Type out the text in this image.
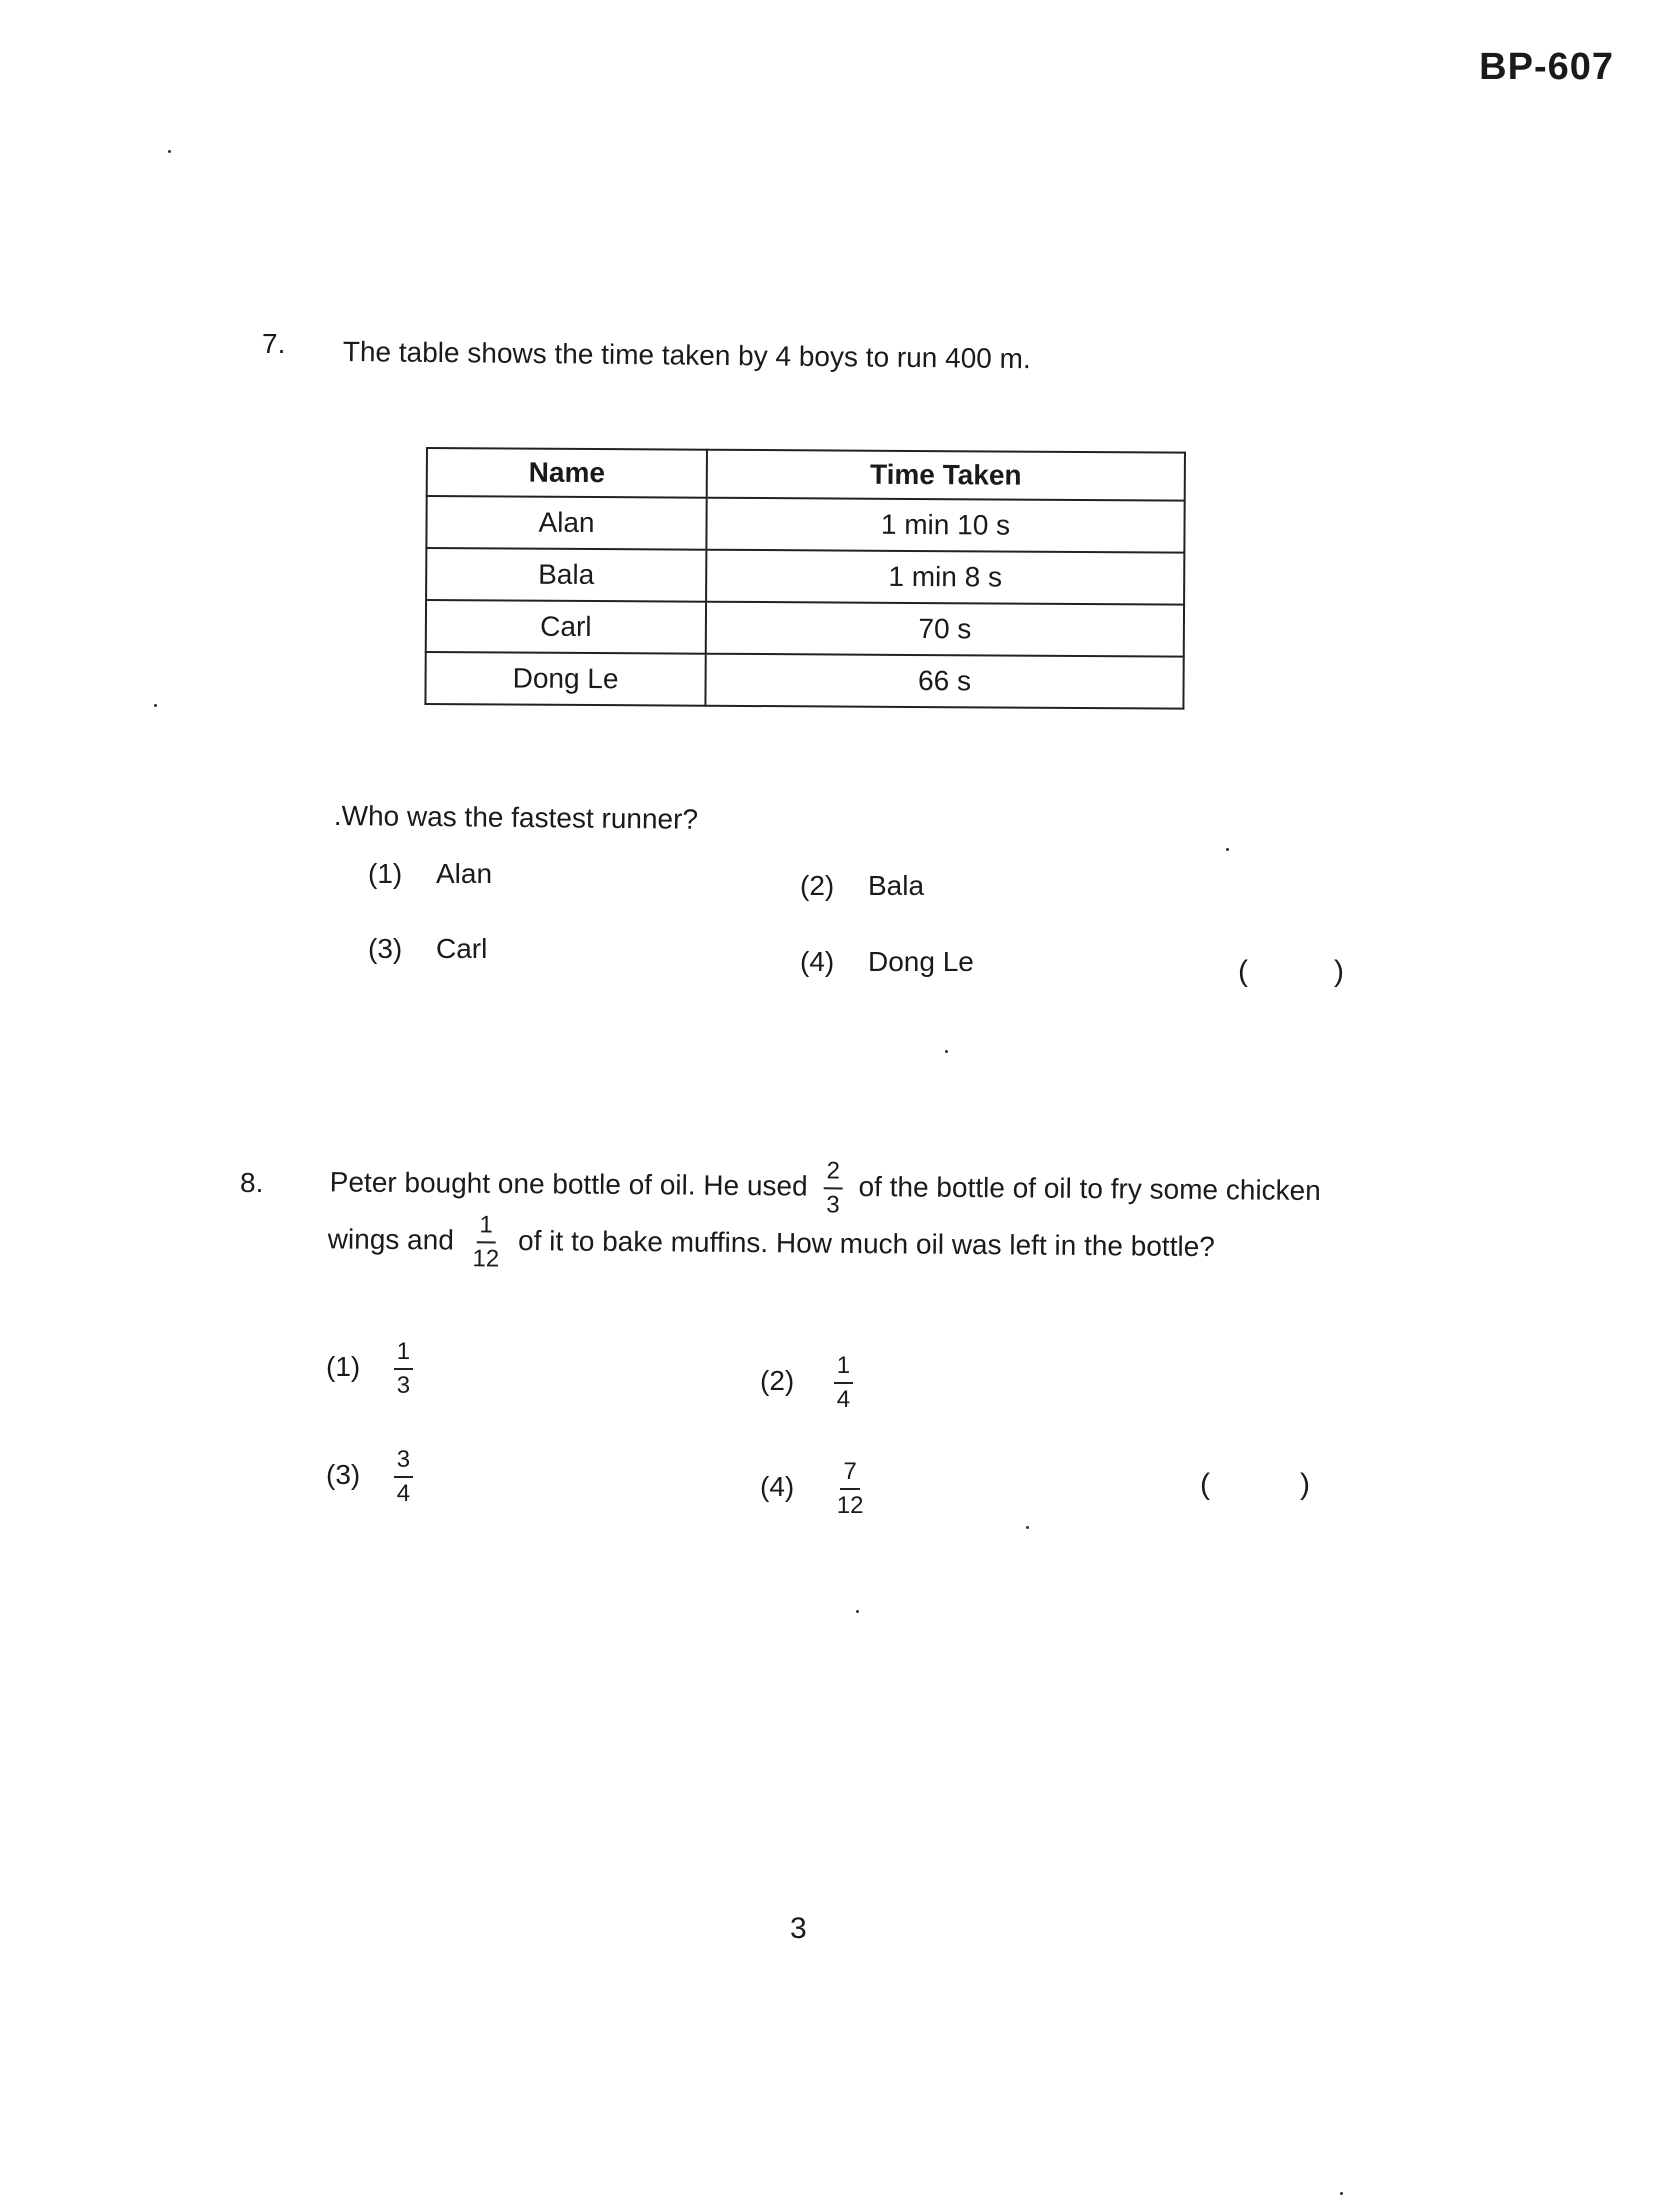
BP-607
7. The table shows the time taken by 4 boys to run 400 m.
Name	Time Taken
Alan	1 min 10 s
Bala	1 min 8 s
Carl	70 s
Dong Le	66 s
.Who was the fastest runner?
(1) Alan	(2) Bala
(3) Carl	(4) Dong Le	(	)
8. Peter bought one bottle of oil. He used $\frac{2}{3}$ of the bottle of oil to fry some chicken
wings and $\frac{1}{12}$ of it to bake muffins. How much oil was left in the bottle?
$(1) \frac{1}{3}$	$(2) \frac{1}{4}$
$(3) \frac{3}{4}$	$(4) \frac{7}{12}$	(	)
3
